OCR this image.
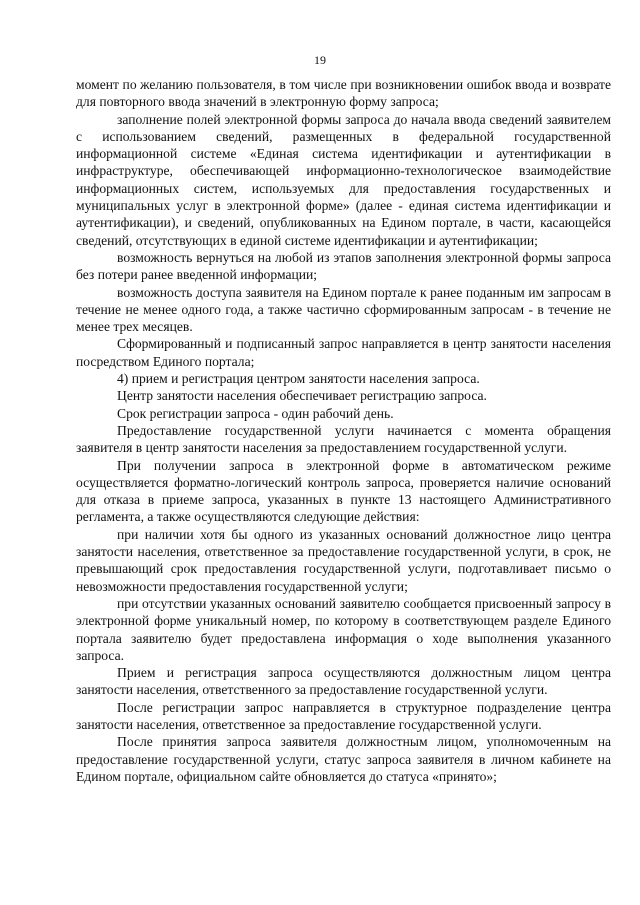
19

момент по желанию пользователя, в том числе при возникновении ошибок ввода и возврате для повторного ввода значений в электронную форму запроса;

заполнение полей электронной формы запроса до начала ввода сведений заявителем с использованием сведений, размещенных в федеральной государственной информационной системе «Единая система идентификации и аутентификации в инфраструктуре, обеспечивающей информационно-технологическое взаимодействие информационных систем, используемых для предоставления государственных и муниципальных услуг в электронной форме» (далее - единая система идентификации и аутентификации), и сведений, опубликованных на Едином портале, в части, касающейся сведений, отсутствующих в единой системе идентификации и аутентификации;

возможность вернуться на любой из этапов заполнения электронной формы запроса без потери ранее введенной информации;

возможность доступа заявителя на Едином портале к ранее поданным им запросам в течение не менее одного года, а также частично сформированным запросам - в течение не менее трех месяцев.

Сформированный и подписанный запрос направляется в центр занятости населения посредством Единого портала;

4) прием и регистрация центром занятости населения запроса.

Центр занятости населения обеспечивает регистрацию запроса.

Срок регистрации запроса - один рабочий день.

Предоставление государственной услуги начинается с момента обращения заявителя в центр занятости населения за предоставлением государственной услуги.

При получении запроса в электронной форме в автоматическом режиме осуществляется форматно-логический контроль запроса, проверяется наличие оснований для отказа в приеме запроса, указанных в пункте 13 настоящего Административного регламента, а также осуществляются следующие действия:

при наличии хотя бы одного из указанных оснований должностное лицо центра занятости населения, ответственное за предоставление государственной услуги, в срок, не превышающий срок предоставления государственной услуги, подготавливает письмо о невозможности предоставления государственной услуги;

при отсутствии указанных оснований заявителю сообщается присвоенный запросу в электронной форме уникальный номер, по которому в соответствующем разделе Единого портала заявителю будет предоставлена информация о ходе выполнения указанного запроса.

Прием и регистрация запроса осуществляются должностным лицом центра занятости населения, ответственного за предоставление государственной услуги.

После регистрации запрос направляется в структурное подразделение центра занятости населения, ответственное за предоставление государственной услуги.

После принятия запроса заявителя должностным лицом, уполномоченным на предоставление государственной услуги, статус запроса заявителя в личном кабинете на Едином портале, официальном сайте обновляется до статуса «принято»;
